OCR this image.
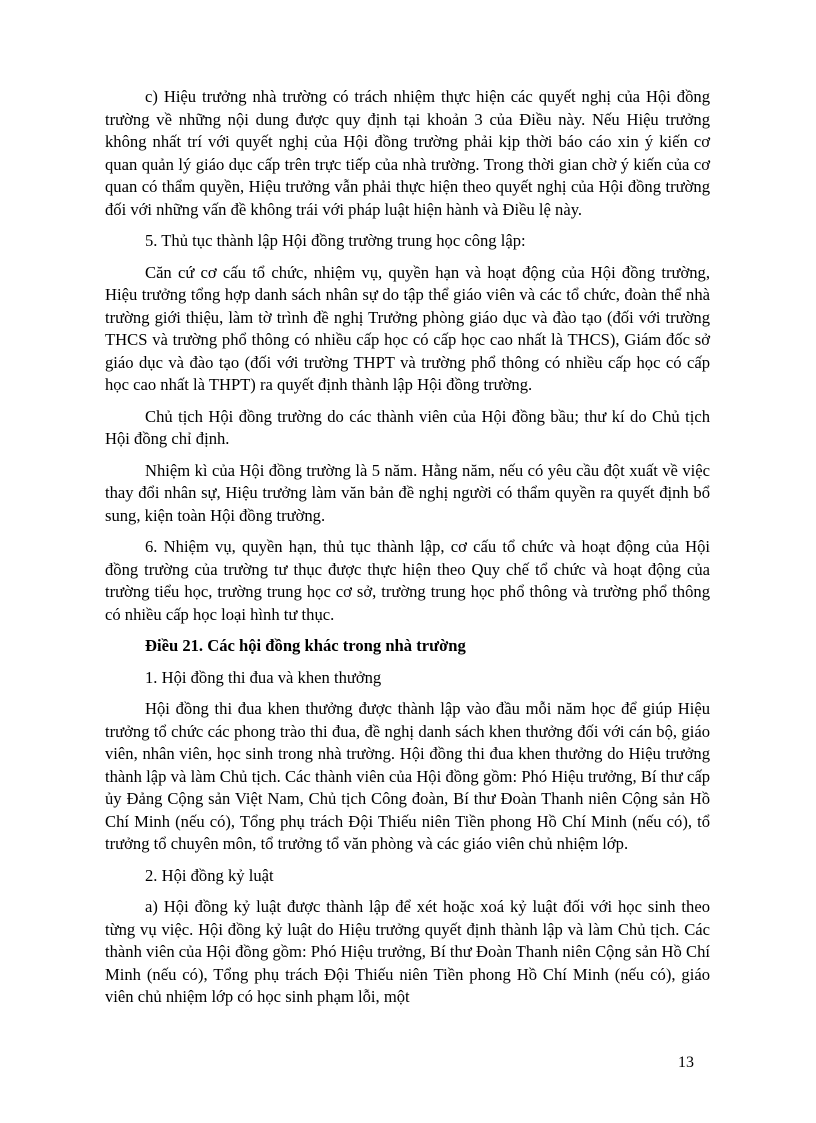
c) Hiệu trưởng nhà trường có trách nhiệm thực hiện các quyết nghị của Hội đồng trường về những nội dung được quy định tại khoản 3 của Điều này. Nếu Hiệu trưởng không nhất trí với quyết nghị của Hội đồng trường phải kịp thời báo cáo xin ý kiến cơ quan quản lý giáo dục cấp trên trực tiếp của nhà trường. Trong thời gian chờ ý kiến của cơ quan có thẩm quyền, Hiệu trưởng vẫn phải thực hiện theo quyết nghị của Hội đồng trường đối với những vấn đề không trái với pháp luật hiện hành và Điều lệ này.

5. Thủ tục thành lập Hội đồng trường trung học công lập:

Căn cứ cơ cấu tổ chức, nhiệm vụ, quyền hạn và hoạt động của Hội đồng trường, Hiệu trưởng tổng hợp danh sách nhân sự do tập thể giáo viên và các tổ chức, đoàn thể nhà trường giới thiệu, làm tờ trình đề nghị Trưởng phòng giáo dục và đào tạo (đối với trường THCS và trường phổ thông có nhiều cấp học có cấp học cao nhất là THCS), Giám đốc sở giáo dục và đào tạo (đối với trường THPT và trường phổ thông có nhiều cấp học có cấp học cao nhất là THPT) ra quyết định thành lập Hội đồng trường.

Chủ tịch Hội đồng trường do các thành viên của Hội đồng bầu; thư kí do Chủ tịch Hội đồng chỉ định.

Nhiệm kì của Hội đồng trường là 5 năm. Hằng năm, nếu có yêu cầu đột xuất về việc thay đổi nhân sự, Hiệu trưởng làm văn bản đề nghị người có thẩm quyền ra quyết định bổ sung, kiện toàn Hội đồng trường.

6. Nhiệm vụ, quyền hạn, thủ tục thành lập, cơ cấu tổ chức và hoạt động của Hội đồng trường của trường tư thục được thực hiện theo Quy chế tổ chức và hoạt động của trường tiểu học, trường trung học cơ sở, trường trung học phổ thông và trường phổ thông có nhiều cấp học loại hình tư thục.

Điều 21. Các hội đồng khác trong nhà trường

1. Hội đồng thi đua và khen thưởng

Hội đồng thi đua khen thưởng được thành lập vào đầu mỗi năm học để giúp Hiệu trưởng tổ chức các phong trào thi đua, đề nghị danh sách khen thưởng đối với cán bộ, giáo viên, nhân viên, học sinh trong nhà trường. Hội đồng thi đua khen thưởng do Hiệu trưởng thành lập và làm Chủ tịch. Các thành viên của Hội đồng gồm: Phó Hiệu trưởng, Bí thư cấp ủy Đảng Cộng sản Việt Nam, Chủ tịch Công đoàn, Bí thư Đoàn Thanh niên Cộng sản Hồ Chí Minh (nếu có), Tổng phụ trách Đội Thiếu niên Tiền phong Hồ Chí Minh (nếu có), tổ trưởng tổ chuyên môn, tổ trưởng tổ văn phòng và các giáo viên chủ nhiệm lớp.

2. Hội đồng kỷ luật

a) Hội đồng kỷ luật được thành lập để xét hoặc xoá kỷ luật đối với học sinh theo từng vụ việc. Hội đồng kỷ luật do Hiệu trưởng quyết định thành lập và làm Chủ tịch. Các thành viên của Hội đồng gồm: Phó Hiệu trưởng, Bí thư Đoàn Thanh niên Cộng sản Hồ Chí Minh (nếu có), Tổng phụ trách Đội Thiếu niên Tiền phong Hồ Chí Minh (nếu có), giáo viên chủ nhiệm lớp có học sinh phạm lỗi, một

13
